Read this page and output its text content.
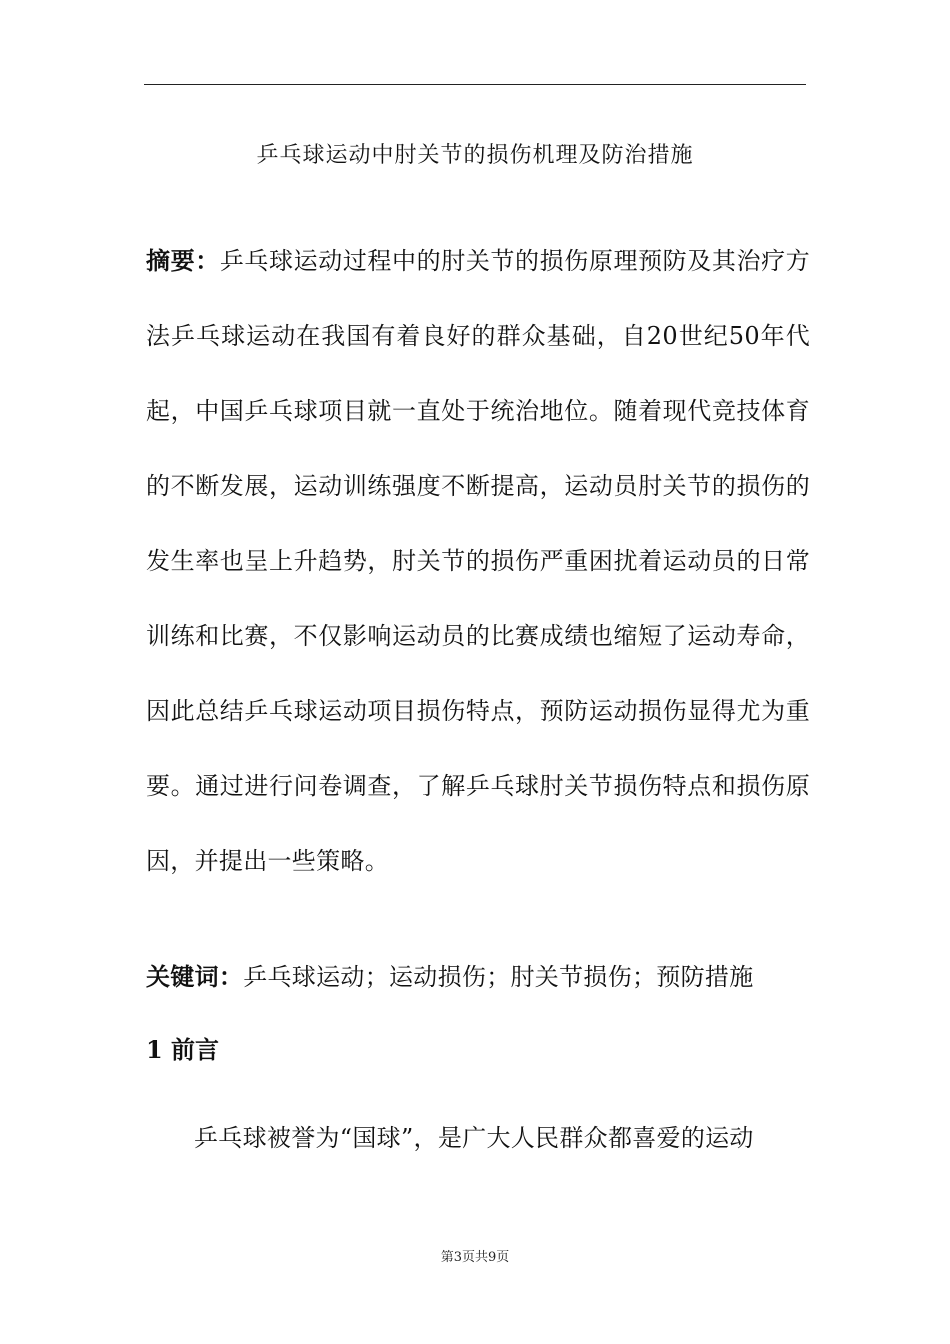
乒乓球运动中肘关节的损伤机理及防治措施
摘要：乒乓球运动过程中的肘关节的损伤原理预防及其治疗方法乒乓球运动在我国有着良好的群众基础，自20世纪50年代起，中国乒乓球项目就一直处于统治地位。随着现代竞技体育的不断发展，运动训练强度不断提高，运动员肘关节的损伤的发生率也呈上升趋势，肘关节的损伤严重困扰着运动员的日常训练和比赛，不仅影响运动员的比赛成绩也缩短了运动寿命，因此总结乒乓球运动项目损伤特点，预防运动损伤显得尤为重要。通过进行问卷调查，了解乒乓球肘关节损伤特点和损伤原因，并提出一些策略。
关键词：乒乓球运动；运动损伤；肘关节损伤；预防措施
1 前言
乒乓球被誉为“国球”，是广大人民群众都喜爱的运动
第3页共9页
